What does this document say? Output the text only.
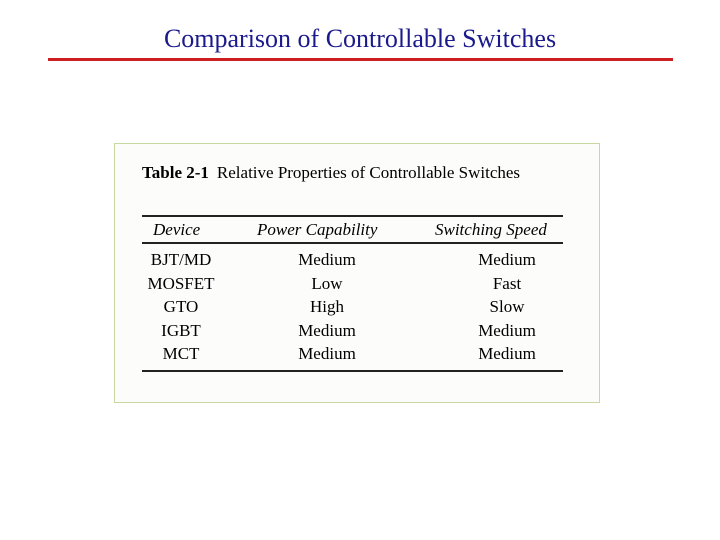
Comparison of Controllable Switches
Table 2-1 Relative Properties of Controllable Switches
Device	Power Capability	Switching Speed
BJT/MD	Medium	Medium
MOSFET	Low	Fast
GTO	High	Slow
IGBT	Medium	Medium
MCT	Medium	Medium
